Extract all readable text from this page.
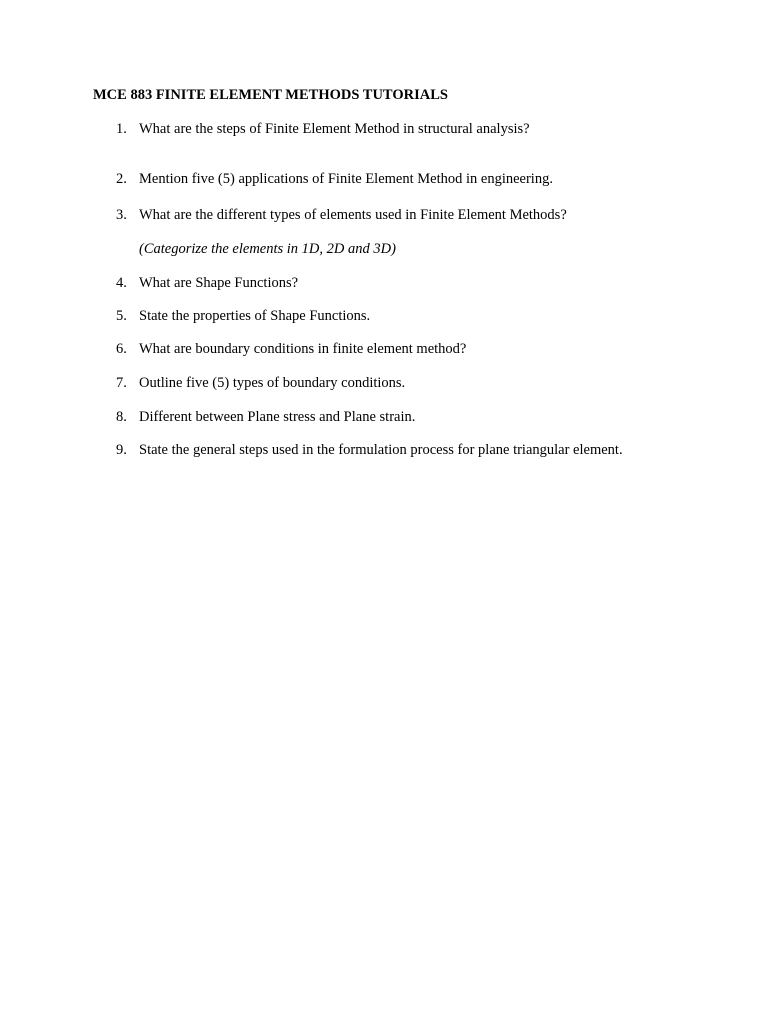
MCE 883 FINITE ELEMENT METHODS TUTORIALS
1. What are the steps of Finite Element Method in structural analysis?
2. Mention five (5) applications of Finite Element Method in engineering.
3. What are the different types of elements used in Finite Element Methods?
(Categorize the elements in 1D, 2D and 3D)
4. What are Shape Functions?
5. State the properties of Shape Functions.
6. What are boundary conditions in finite element method?
7. Outline five (5) types of boundary conditions.
8. Different between Plane stress and Plane strain.
9. State the general steps used in the formulation process for plane triangular element.
